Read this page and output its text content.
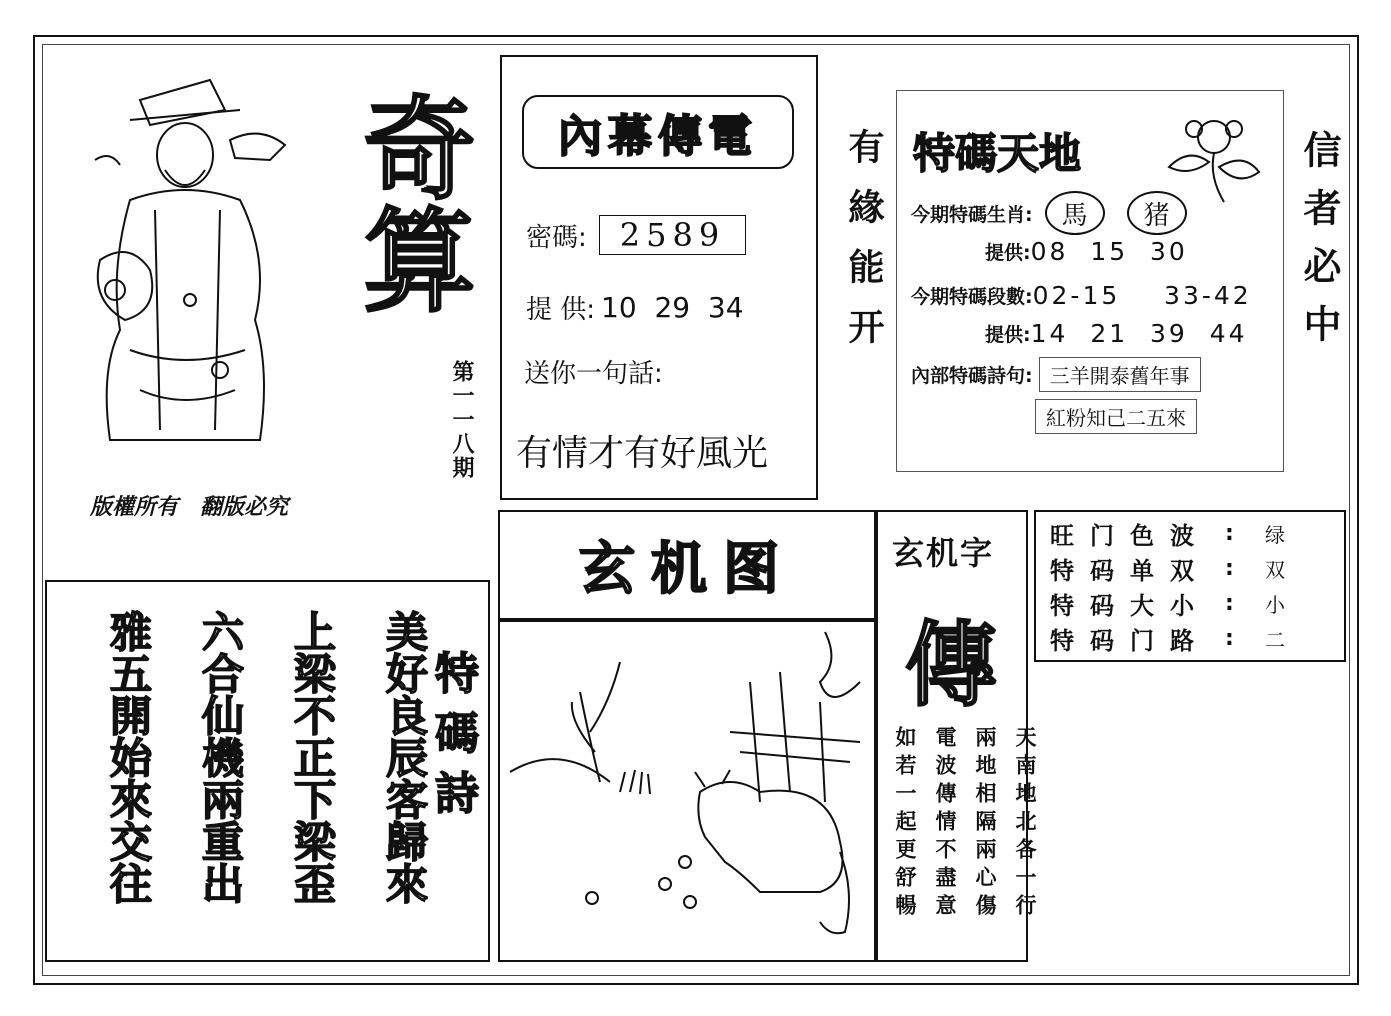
奇算
第一一八期
版權所有　翻版必究
內幕傳電
密碼:	2589
提 供: 10  29  34
送你一句話:
有情才有好風光
有緣能开 特碼天地
今期特碼生肖:	馬	猪
提供: 08  15  30
今期特碼段數: 02-15    33-42
提供: 14  21  39  44
內部特碼詩句: 三羊開泰舊年事
紅粉知己二五來
信者必中
玄机图	玄机字
傳
天南地北各一行
兩地相隔兩心傷
電波傳情不盡意
如若一起更舒暢
旺门色波 :	绿
特码单双 :	双
特码大小 :	小
特码门路 :	二
特碼詩
美好良辰客歸來
上梁不正下梁歪
六合仙機兩重出
雅五開始來交往
